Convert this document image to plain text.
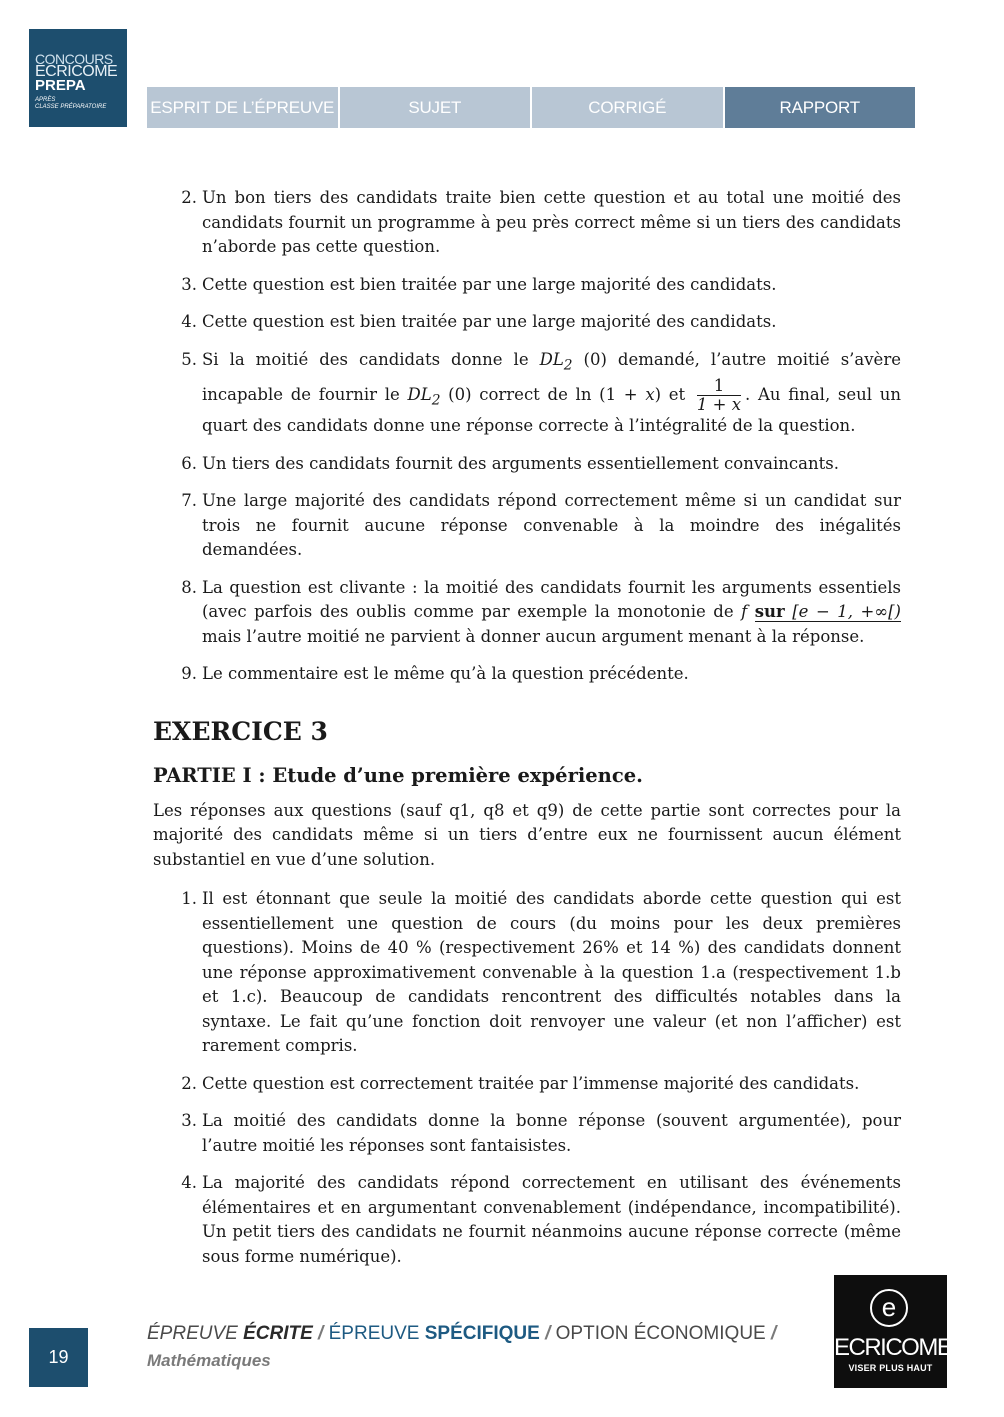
CONCOURS
ECRICOME
PREPA
APRÈS
CLASSE PRÉPARATOIRE	ESPRIT DE L’ÉPREUVE	SUJET	CORRIGÉ	RAPPORT
2. Un bon tiers des candidats traite bien cette question et au total une moitié des candidats fournit un programme à peu près correct même si un tiers des candidats n’aborde pas cette question.
3. Cette question est bien traitée par une large majorité des candidats.
4. Cette question est bien traitée par une large majorité des candidats.
5. Si la moitié des candidats donne le $DL_2$ (0) demandé, l’autre moitié s’avère incapable de fournir le $DL_2$ (0) correct de ln (1 + x) et $\frac{1}{1 + x}$ . Au final, seul un quart des candidats donne une réponse correcte à l’intégralité de la question.
6. Un tiers des candidats fournit des arguments essentiellement convaincants.
7. Une large majorité des candidats répond correctement même si un candidat sur trois ne fournit aucune réponse convenable à la moindre des inégalités demandées.
8. La question est clivante : la moitié des candidats fournit les arguments essentiels (avec parfois des oublis comme par exemple la monotonie de f sur [e − 1, +∞[) mais l’autre moitié ne parvient à donner aucun argument menant à la réponse.
9. Le commentaire est le même qu’à la question précédente.
EXERCICE 3
PARTIE I : Etude d’une première expérience.

Les réponses aux questions (sauf q1, q8 et q9) de cette partie sont correctes pour la majorité des candidats même si un tiers d’entre eux ne fournissent aucun élément substantiel en vue d’une solution.

1. Il est étonnant que seule la moitié des candidats aborde cette question qui est essentiellement une question de cours (du moins pour les deux premières questions). Moins de 40 % (respectivement 26% et 14 %) des candidats donnent une réponse approximativement convenable à la question 1.a (respectivement 1.b et 1.c). Beaucoup de candidats rencontrent des difficultés notables dans la syntaxe. Le fait qu’une fonction doit renvoyer une valeur (et non l’afficher) est rarement compris.
2. Cette question est correctement traitée par l’immense majorité des candidats.
3. La moitié des candidats donne la bonne réponse (souvent argumentée), pour l’autre moitié les réponses sont fantaisistes.
4. La majorité des candidats répond correctement en utilisant des événements élémentaires et en argumentant convenablement (indépendance, incompatibilité). Un petit tiers des candidats ne fournit néanmoins aucune réponse correcte (même sous forme numérique).
19
ÉPREUVE ÉCRITE / ÉPREUVE SPÉCIFIQUE / OPTION ÉCONOMIQUE /
Mathématiques
e
ECRICOME
VISER PLUS HAUT
